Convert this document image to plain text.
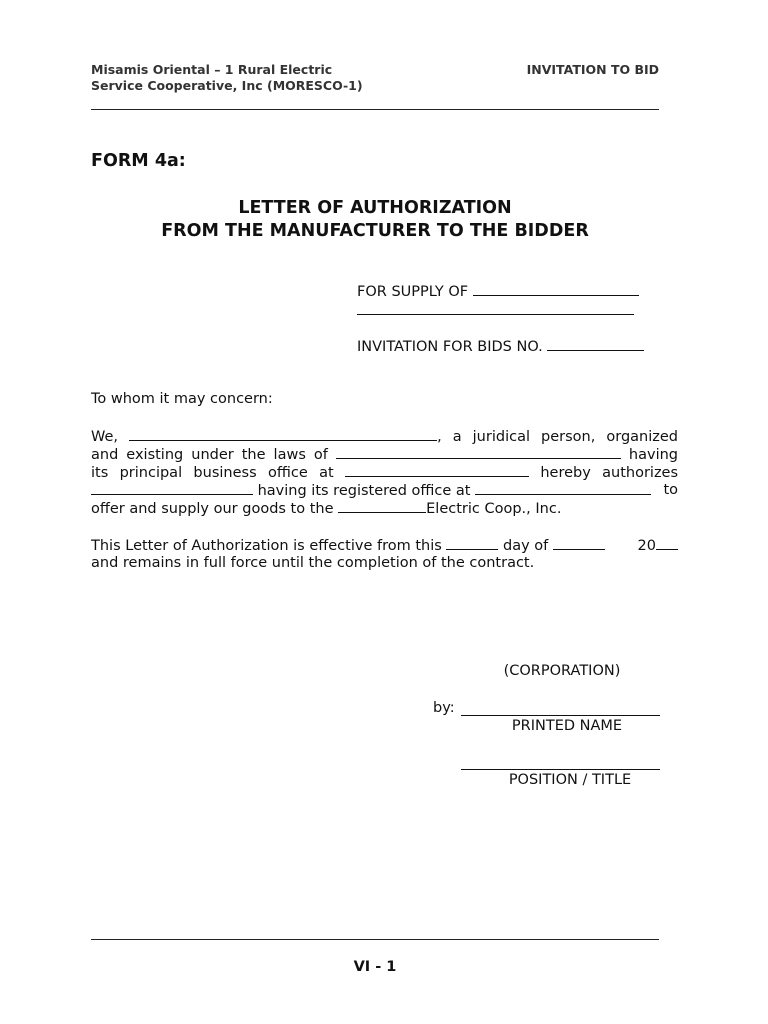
Misamis Oriental – 1 Rural Electric
Service Cooperative, Inc (MORESCO-1)
INVITATION TO BID
FORM 4a:
LETTER OF AUTHORIZATION
FROM THE MANUFACTURER TO THE BIDDER
FOR SUPPLY OF
INVITATION FOR BIDS NO.
To whom it may concern:
We,	, a juridical person, organized
and existing under the laws of	having
its principal business office at	hereby authorizes
having its registered office at	to
offer and supply our goods to the	Electric Coop., Inc.
This Letter of Authorization is effective from this	day of	20
and remains in full force until the completion of the contract.
(CORPORATION)
by:
PRINTED NAME
POSITION / TITLE
VI - 1
